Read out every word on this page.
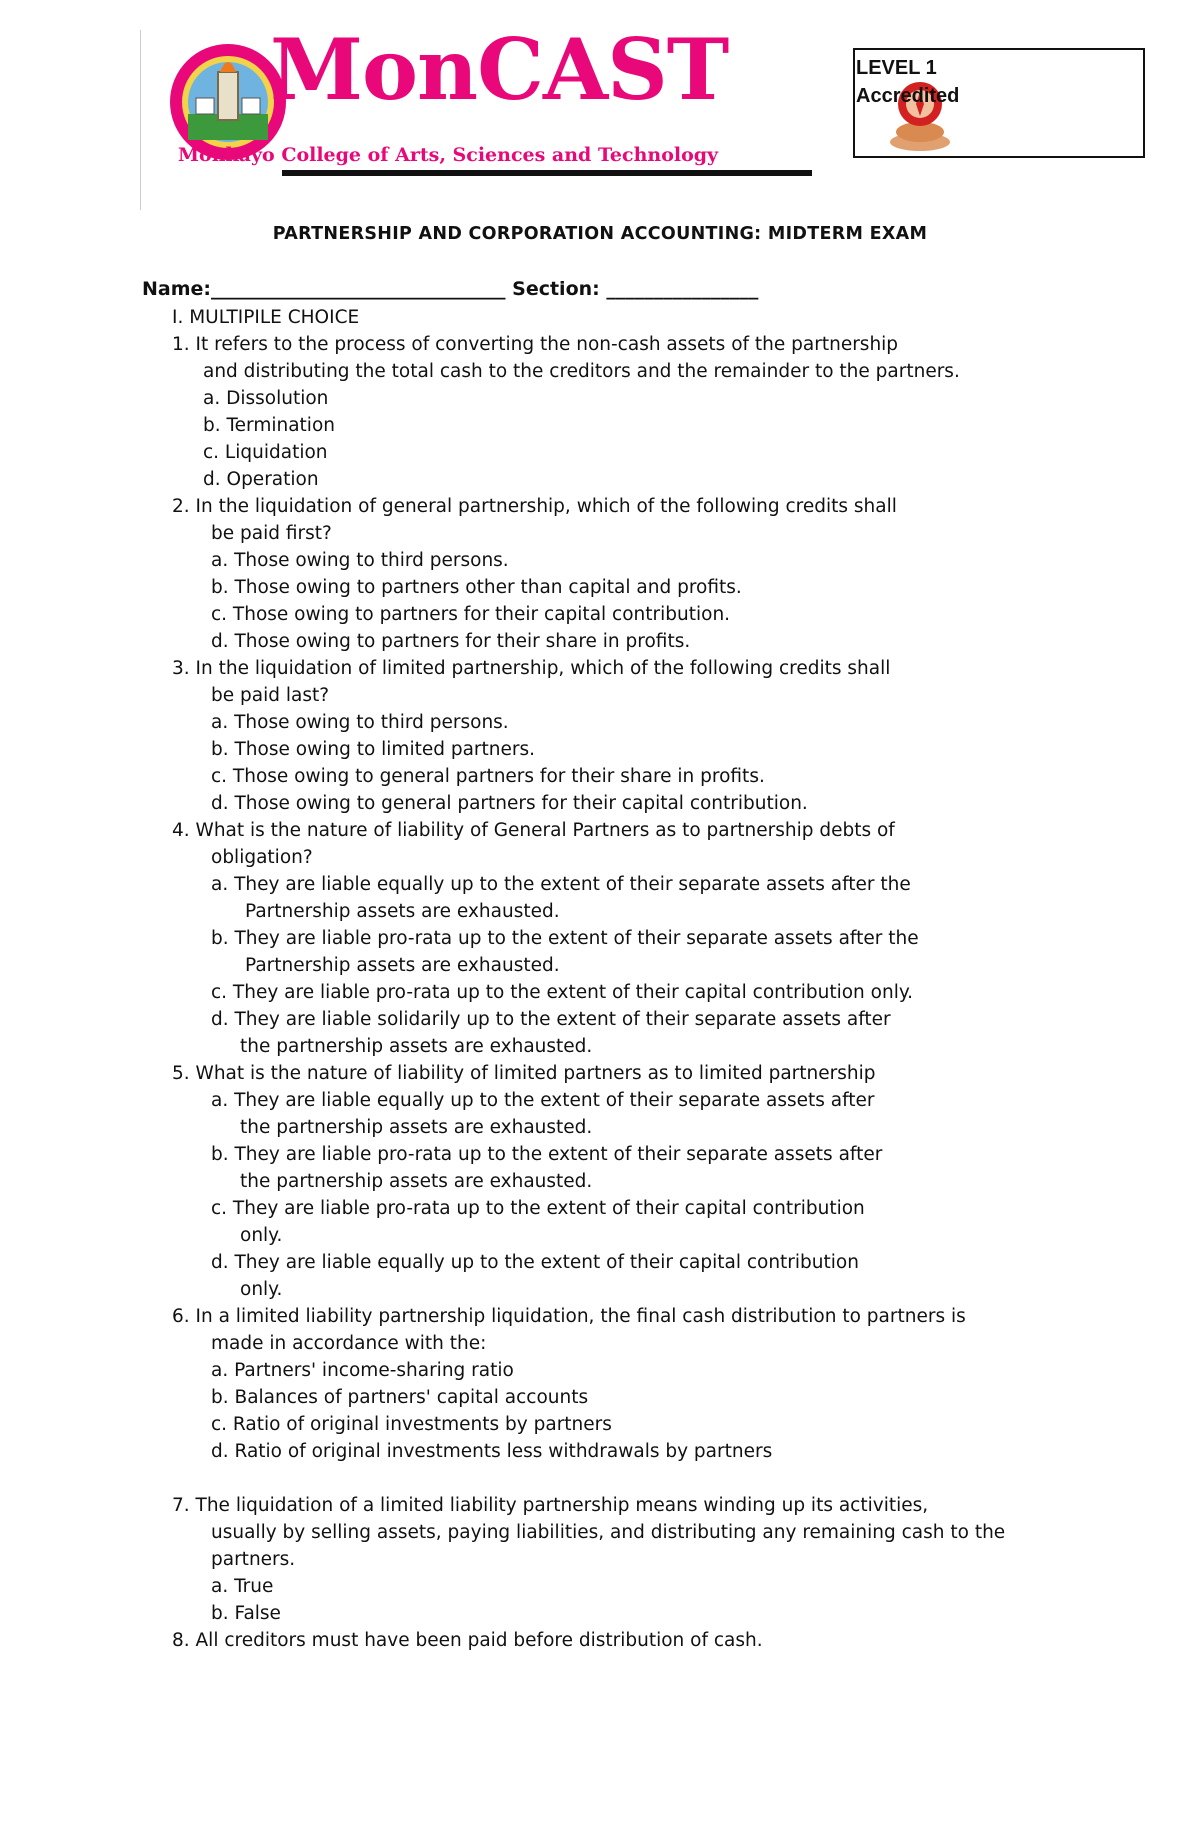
MonCAST
Monkayo College of Arts, Sciences and Technology
LEVEL 1
Accredited
PARTNERSHIP AND CORPORATION ACCOUNTING: MIDTERM EXAM
Name:_______________________________ Section: ________________
I. MULTIPILE CHOICE
1. It refers to the process of converting the non-cash assets of the partnership
and distributing the total cash to the creditors and the remainder to the partners.
a. Dissolution
b. Termination
c. Liquidation
d. Operation
2. In the liquidation of general partnership, which of the following credits shall
be paid first?
a. Those owing to third persons.
b. Those owing to partners other than capital and profits.
c. Those owing to partners for their capital contribution.
d. Those owing to partners for their share in profits.
3. In the liquidation of limited partnership, which of the following credits shall
be paid last?
a. Those owing to third persons.
b. Those owing to limited partners.
c. Those owing to general partners for their share in profits.
d. Those owing to general partners for their capital contribution.
4. What is the nature of liability of General Partners as to partnership debts of
obligation?
a. They are liable equally up to the extent of their separate assets after the
Partnership assets are exhausted.
b. They are liable pro-rata up to the extent of their separate assets after the
Partnership assets are exhausted.
c. They are liable pro-rata up to the extent of their capital contribution only.
d. They are liable solidarily up to the extent of their separate assets after
the partnership assets are exhausted.
5. What is the nature of liability of limited partners as to limited partnership
a. They are liable equally up to the extent of their separate assets after
the partnership assets are exhausted.
b. They are liable pro-rata up to the extent of their separate assets after
the partnership assets are exhausted.
c. They are liable pro-rata up to the extent of their capital contribution
only.
d. They are liable equally up to the extent of their capital contribution
only.
6. In a limited liability partnership liquidation, the final cash distribution to partners is
made in accordance with the:
a. Partners' income-sharing ratio
b. Balances of partners' capital accounts
c. Ratio of original investments by partners
d. Ratio of original investments less withdrawals by partners
7. The liquidation of a limited liability partnership means winding up its activities,
usually by selling assets, paying liabilities, and distributing any remaining cash to the
partners.
a. True
b. False
8. All creditors must have been paid before distribution of cash.
